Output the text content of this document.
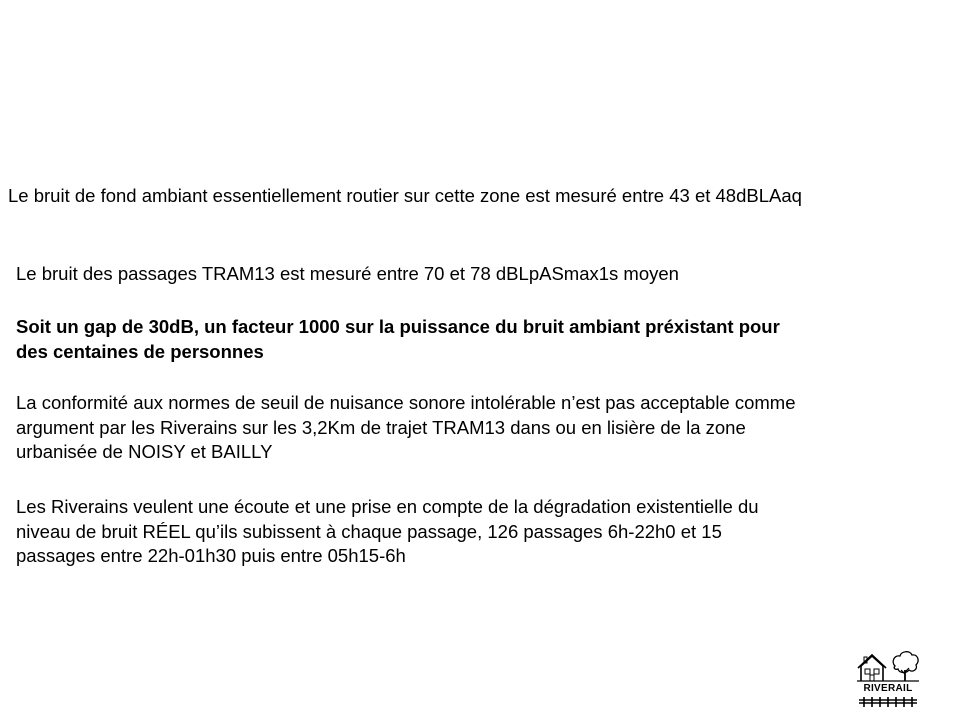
Le bruit de fond ambiant essentiellement routier sur cette zone est mesuré entre 43 et 48dBLAaq
Le bruit des passages TRAM13 est mesuré entre 70 et 78 dBLpASmax1s moyen
Soit un gap de 30dB, un facteur 1000 sur la puissance du bruit ambiant préxistant pour
des centaines de personnes
La conformité aux normes de seuil de nuisance sonore intolérable n’est pas acceptable comme
argument par les Riverains sur les 3,2Km de trajet TRAM13 dans ou en lisière de la zone
urbanisée de NOISY et BAILLY
Les Riverains veulent une écoute et une prise en compte de la dégradation existentielle du
niveau de bruit RÉEL qu’ils subissent à chaque passage, 126 passages 6h-22h0 et 15
passages entre 22h-01h30 puis entre 05h15-6h
RIVERAIL
